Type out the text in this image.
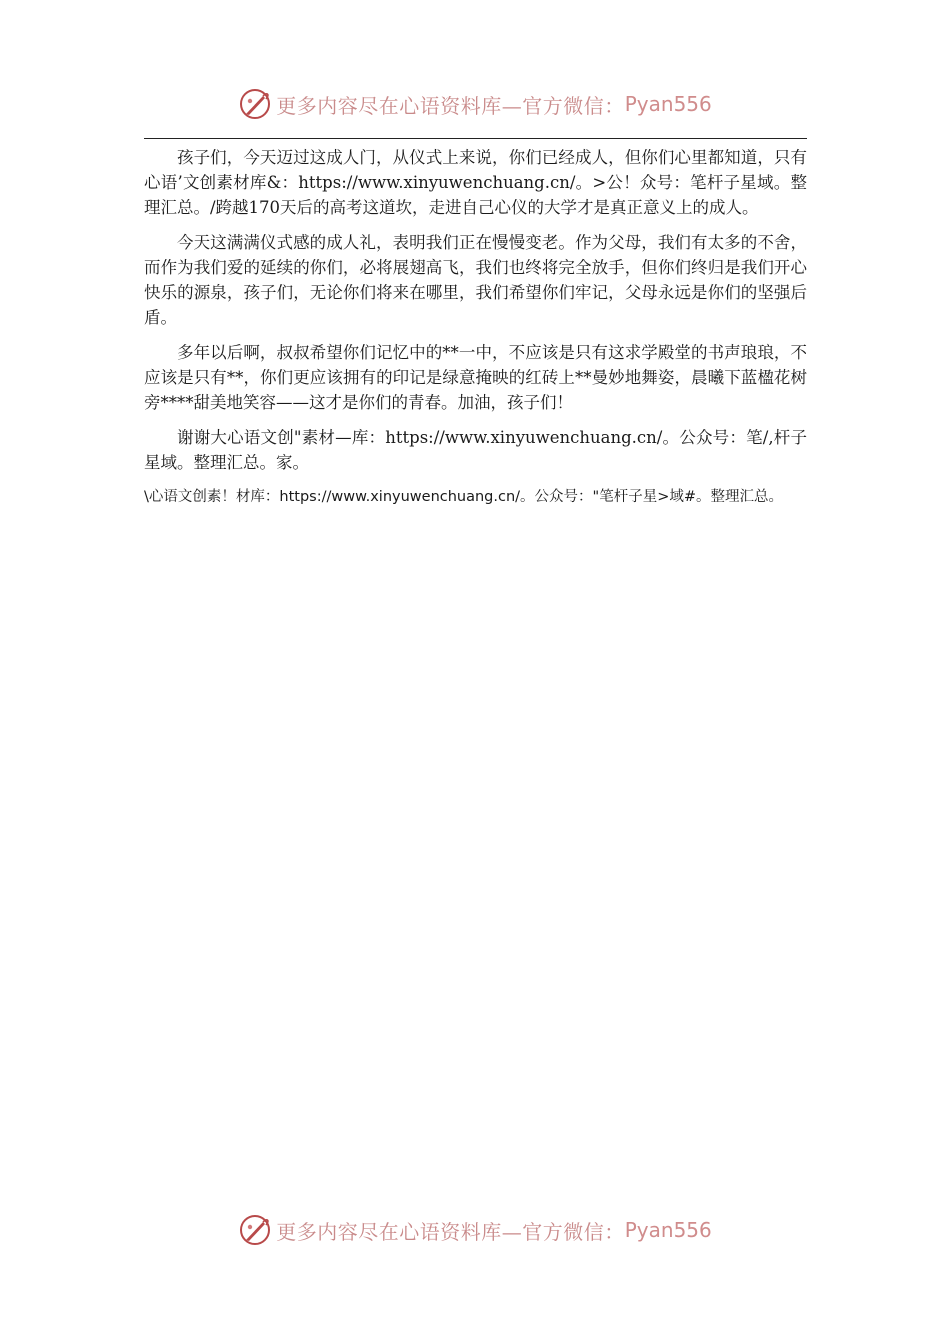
更多内容尽在心语资料库—官方微信： Pyan556

孩子们，今天迈过这成人门，从仪式上来说，你们已经成人，但你们心里都知道，只有心语’文创素材库&：https://www.xinyuwenchuang.cn/。>公！众号：笔杆子星域。整理汇总。/跨越170天后的高考这道坎，走进自己心仪的大学才是真正意义上的成人。

今天这满满仪式感的成人礼，表明我们正在慢慢变老。作为父母，我们有太多的不舍，而作为我们爱的延续的你们，必将展翅高飞，我们也终将完全放手，但你们终归是我们开心快乐的源泉，孩子们，无论你们将来在哪里，我们希望你们牢记，父母永远是你们的坚强后盾。

多年以后啊，叔叔希望你们记忆中的**一中，不应该是只有这求学殿堂的书声琅琅，不应该是只有**，你们更应该拥有的印记是绿意掩映的红砖上**曼妙地舞姿，晨曦下蓝楹花树旁****甜美地笑容——这才是你们的青春。加油，孩子们！

谢谢大心语文创"素材—库：https://www.xinyuwenchuang.cn/。公众号：笔/,杆子星域。整理汇总。家。

\心语文创素！材库：https://www.xinyuwenchuang.cn/。公众号："笔杆子星>域#。整理汇总。

更多内容尽在心语资料库—官方微信： Pyan556
